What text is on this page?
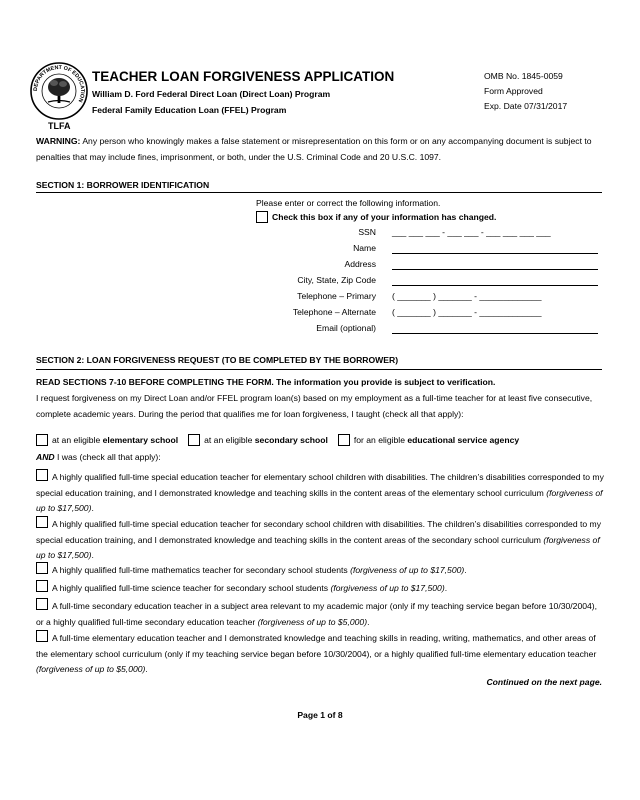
DEPARTMENT OF EDUCATION
TLFA
TEACHER LOAN FORGIVENESS APPLICATION
William D. Ford Federal Direct Loan (Direct Loan) Program
Federal Family Education Loan (FFEL) Program
OMB No. 1845-0059
Form Approved
Exp. Date 07/31/2017
WARNING: Any person who knowingly makes a false statement or misrepresentation on this form or on any accompanying document is subject to penalties that may include fines, imprisonment, or both, under the U.S. Criminal Code and 20 U.S.C. 1097.
SECTION 1: BORROWER IDENTIFICATION
Please enter or correct the following information.
Check this box if any of your information has changed.
SSN ___ ___ ___ - ___ ___ - ___ ___ ___ ___
Name
Address
City, State, Zip Code
Telephone – Primary ( _______ ) _______ - _____________
Telephone – Alternate ( _______ ) _______ - _____________
Email (optional)
SECTION 2: LOAN FORGIVENESS REQUEST (TO BE COMPLETED BY THE BORROWER)
READ SECTIONS 7-10 BEFORE COMPLETING THE FORM. The information you provide is subject to verification.
I request forgiveness on my Direct Loan and/or FFEL program loan(s) based on my employment as a full-time teacher for at least five consecutive, complete academic years. During the period that qualifies me for loan forgiveness, I taught (check all that apply):
at an eligible elementary school	at an eligible secondary school	for an eligible educational service agency
AND I was (check all that apply):
A highly qualified full-time special education teacher for elementary school children with disabilities. The children’s disabilities corresponded to my special education training, and I demonstrated knowledge and teaching skills in the content areas of the elementary school curriculum (forgiveness of up to $17,500).
A highly qualified full-time special education teacher for secondary school children with disabilities. The children’s disabilities corresponded to my special education training, and I demonstrated knowledge and teaching skills in the content areas of the secondary school curriculum (forgiveness of up to $17,500).
A highly qualified full-time mathematics teacher for secondary school students (forgiveness of up to $17,500).
A highly qualified full-time science teacher for secondary school students (forgiveness of up to $17,500).
A full-time secondary education teacher in a subject area relevant to my academic major (only if my teaching service began before 10/30/2004), or a highly qualified full-time secondary education teacher (forgiveness of up to $5,000).
A full-time elementary education teacher and I demonstrated knowledge and teaching skills in reading, writing, mathematics, and other areas of the elementary school curriculum (only if my teaching service began before 10/30/2004), or a highly qualified full-time elementary education teacher (forgiveness of up to $5,000).
Continued on the next page.
Page 1 of 8
